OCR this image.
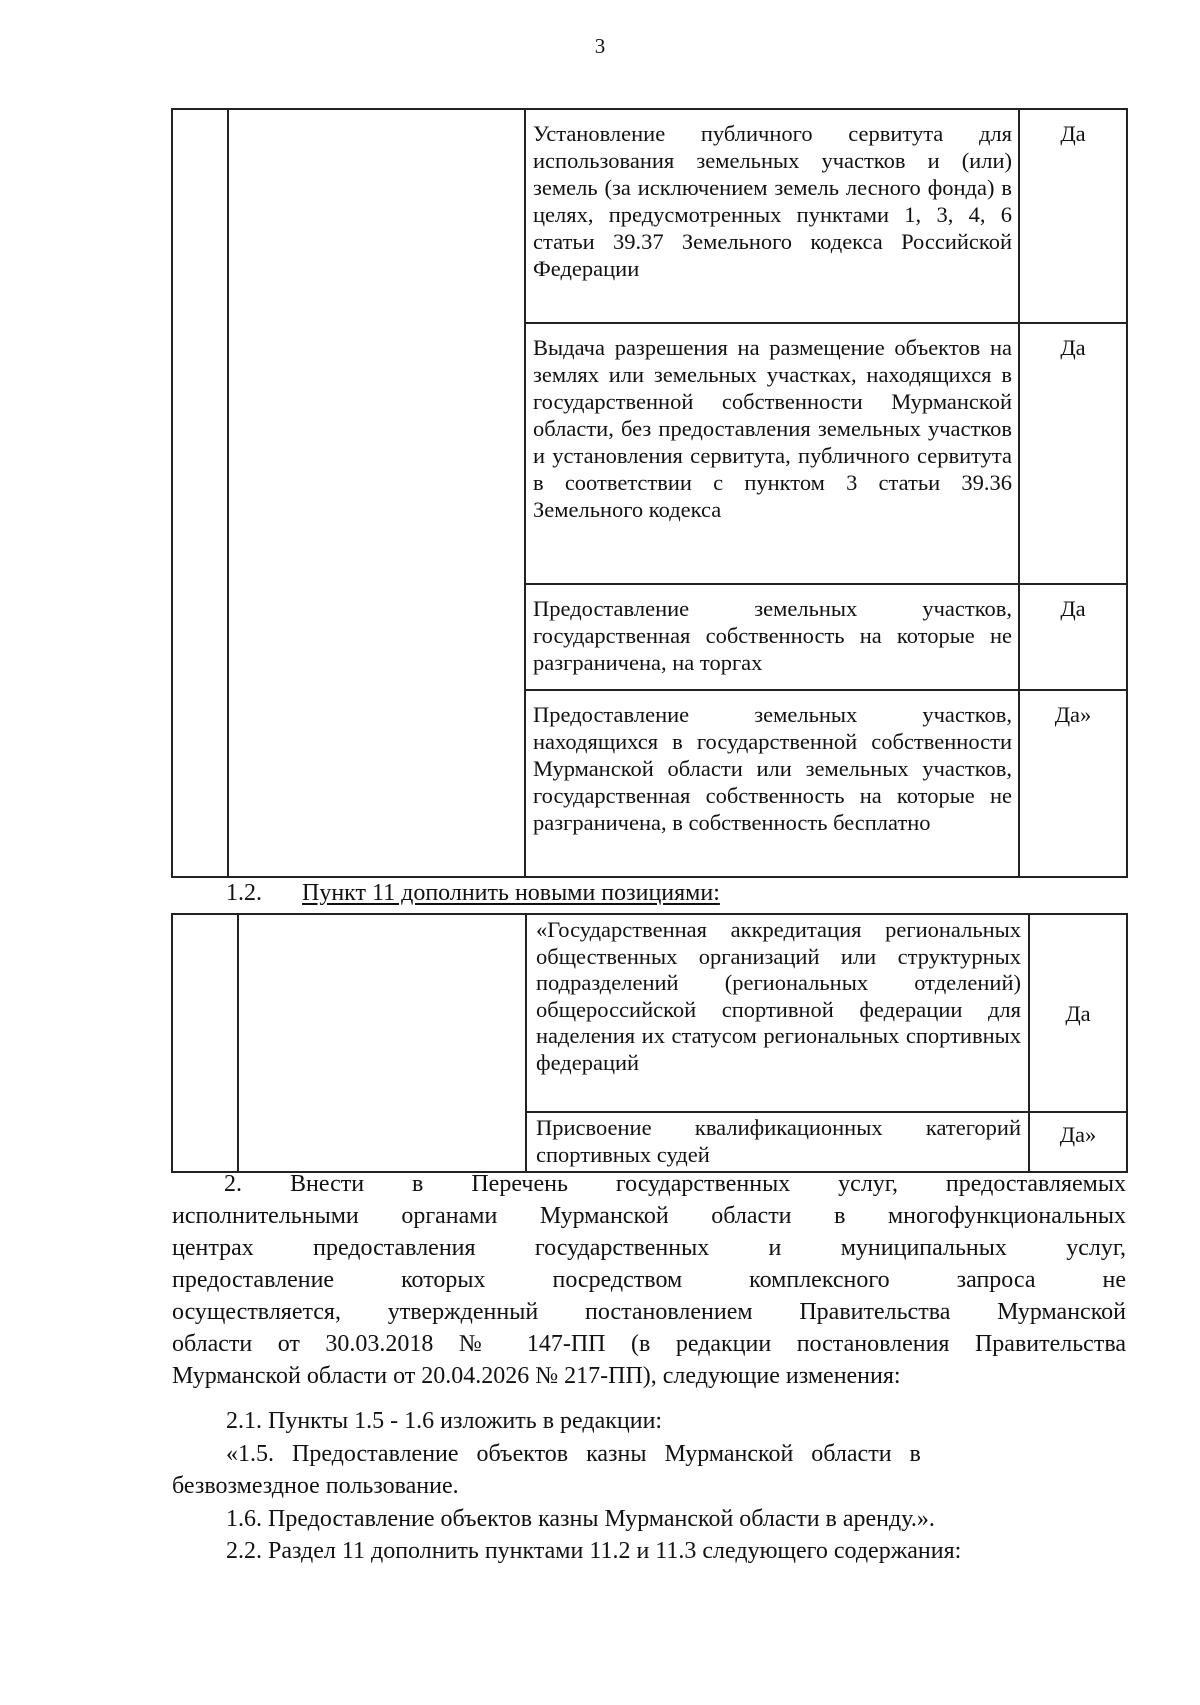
3

		Установление публичного сервитута для использования земельных участков и (или) земель (за исключением земель лесного фонда) в целях, предусмотренных пунктами 1, 3, 4, 6 статьи 39.37 Земельного кодекса Российской Федерации	Да

		Выдача разрешения на размещение объектов на землях или земельных участках, находящихся в государственной собственности Мурманской области, без предоставления земельных участков и установления сервитута, публичного сервитута в соответствии с пунктом 3 статьи 39.36 Земельного кодекса	Да

		Предоставление земельных участков, государственная собственность на которые не разграничена, на торгах	Да

		Предоставление земельных участков, находящихся в государственной собственности Мурманской области или земельных участков, государственная собственность на которые не разграничена, в собственность бесплатно	Да»
1.2. Пункт 11 дополнить новыми позициями:

		«Государственная аккредитация региональных общественных организаций или структурных подразделений (региональных отделений) общероссийской спортивной федерации для наделения их статусом региональных спортивных федераций	Да

		Присвоение квалификационных категорий спортивных судей	Да»
2. Внести в Перечень государственных услуг, предоставляемых
исполнительными органами Мурманской области в многофункциональных
центрах предоставления государственных и муниципальных услуг,
предоставление которых посредством комплексного запроса не
осуществляется, утвержденный постановлением Правительства Мурманской
области от 30.03.2018 № 147-ПП (в редакции постановления Правительства
Мурманской области от 20.04.2026 № 217-ПП), следующие изменения:
2.1. Пункты 1.5 - 1.6 изложить в редакции:
«1.5.   Предоставление   объектов   казны   Мурманской   области   в
безвозмездное пользование.
1.6. Предоставление объектов казны Мурманской области в аренду.».
2.2. Раздел 11 дополнить пунктами 11.2 и 11.3 следующего содержания:
